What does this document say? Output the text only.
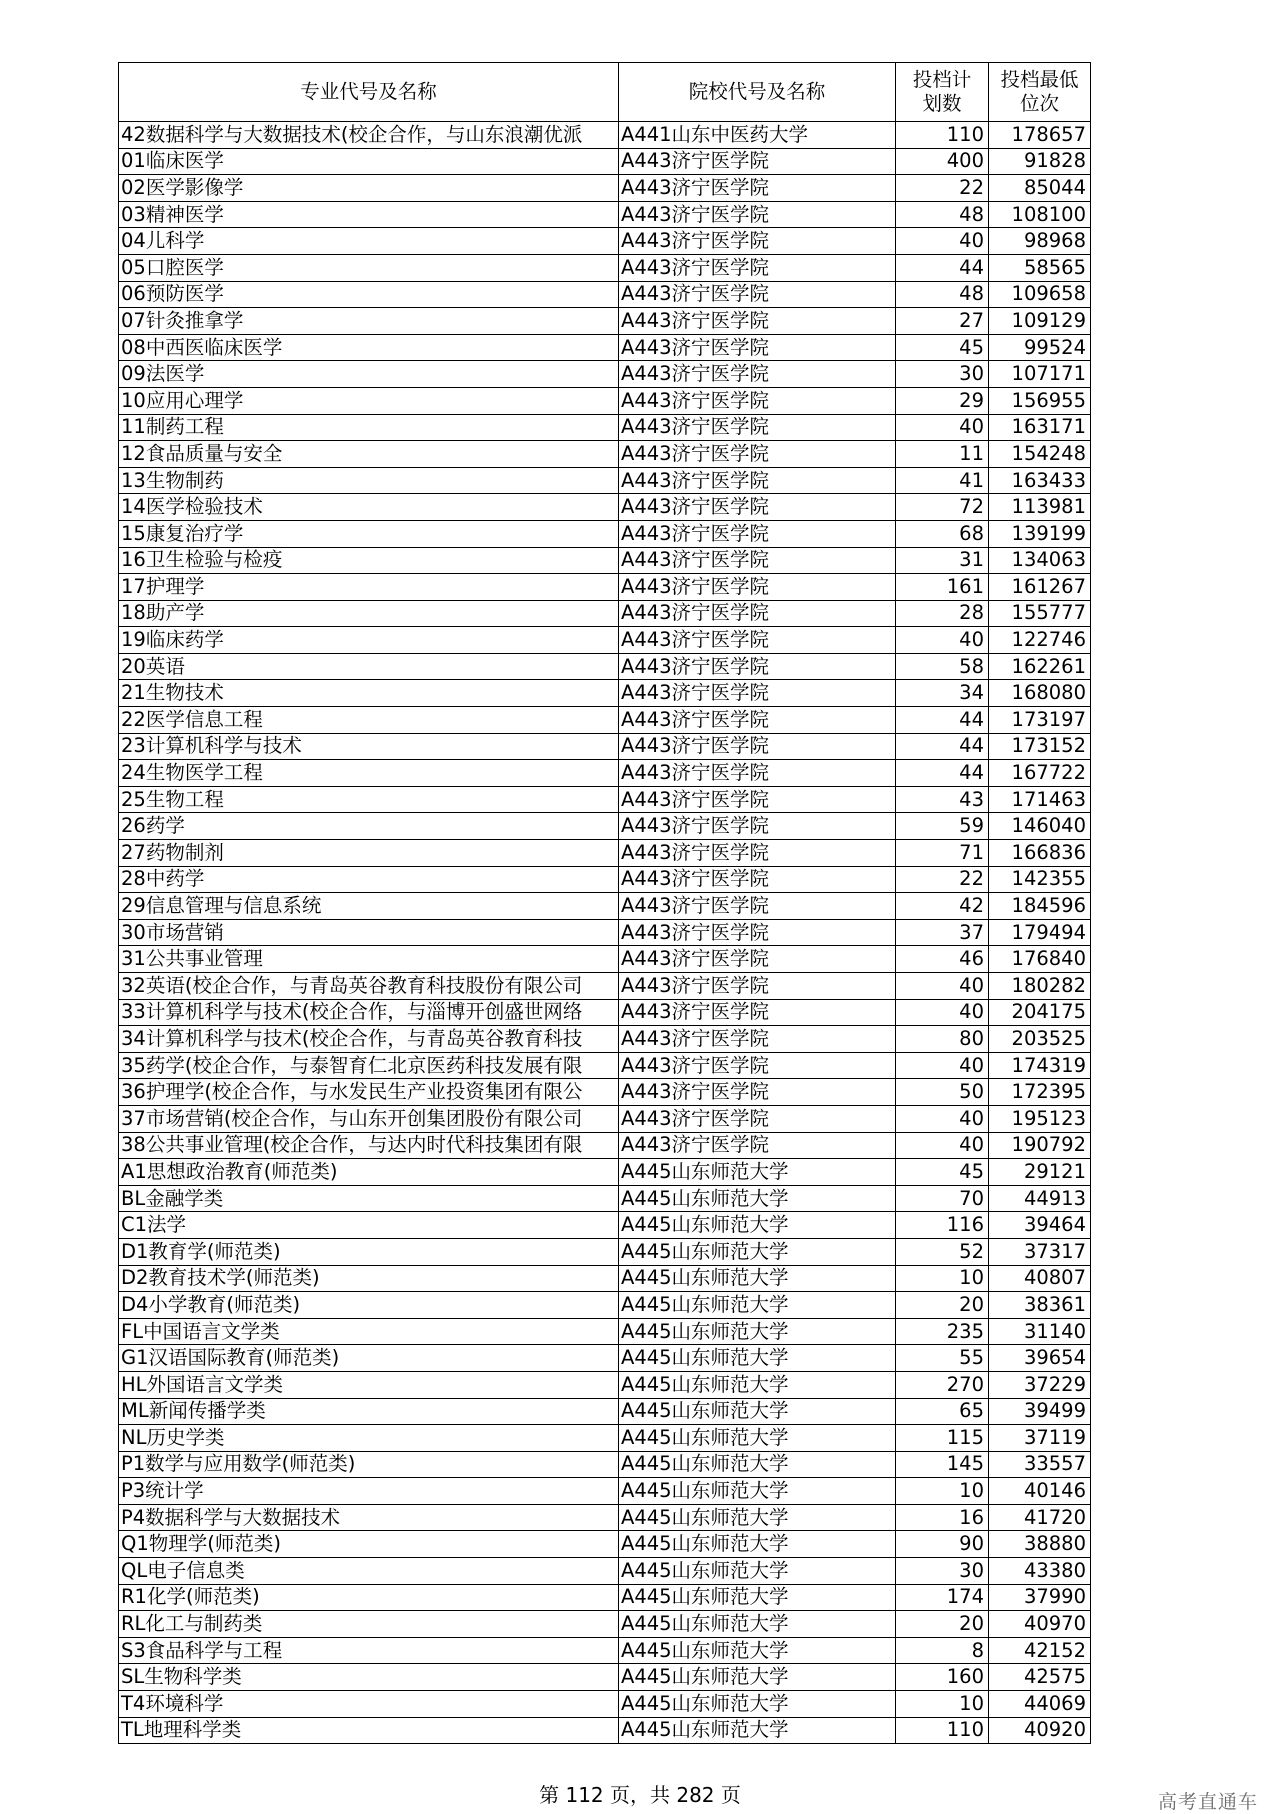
专业代号及名称	院校代号及名称	投档计
划数	投档最低
位次
42数据科学与大数据技术(校企合作，与山东浪潮优派	A441山东中医药大学	110	178657
01临床医学	A443济宁医学院	400	91828
02医学影像学	A443济宁医学院	22	85044
03精神医学	A443济宁医学院	48	108100
04儿科学	A443济宁医学院	40	98968
05口腔医学	A443济宁医学院	44	58565
06预防医学	A443济宁医学院	48	109658
07针灸推拿学	A443济宁医学院	27	109129
08中西医临床医学	A443济宁医学院	45	99524
09法医学	A443济宁医学院	30	107171
10应用心理学	A443济宁医学院	29	156955
11制药工程	A443济宁医学院	40	163171
12食品质量与安全	A443济宁医学院	11	154248
13生物制药	A443济宁医学院	41	163433
14医学检验技术	A443济宁医学院	72	113981
15康复治疗学	A443济宁医学院	68	139199
16卫生检验与检疫	A443济宁医学院	31	134063
17护理学	A443济宁医学院	161	161267
18助产学	A443济宁医学院	28	155777
19临床药学	A443济宁医学院	40	122746
20英语	A443济宁医学院	58	162261
21生物技术	A443济宁医学院	34	168080
22医学信息工程	A443济宁医学院	44	173197
23计算机科学与技术	A443济宁医学院	44	173152
24生物医学工程	A443济宁医学院	44	167722
25生物工程	A443济宁医学院	43	171463
26药学	A443济宁医学院	59	146040
27药物制剂	A443济宁医学院	71	166836
28中药学	A443济宁医学院	22	142355
29信息管理与信息系统	A443济宁医学院	42	184596
30市场营销	A443济宁医学院	37	179494
31公共事业管理	A443济宁医学院	46	176840
32英语(校企合作，与青岛英谷教育科技股份有限公司	A443济宁医学院	40	180282
33计算机科学与技术(校企合作，与淄博开创盛世网络	A443济宁医学院	40	204175
34计算机科学与技术(校企合作，与青岛英谷教育科技	A443济宁医学院	80	203525
35药学(校企合作，与泰智育仁北京医药科技发展有限	A443济宁医学院	40	174319
36护理学(校企合作，与水发民生产业投资集团有限公	A443济宁医学院	50	172395
37市场营销(校企合作，与山东开创集团股份有限公司	A443济宁医学院	40	195123
38公共事业管理(校企合作，与达内时代科技集团有限	A443济宁医学院	40	190792
A1思想政治教育(师范类)	A445山东师范大学	45	29121
BL金融学类	A445山东师范大学	70	44913
C1法学	A445山东师范大学	116	39464
D1教育学(师范类)	A445山东师范大学	52	37317
D2教育技术学(师范类)	A445山东师范大学	10	40807
D4小学教育(师范类)	A445山东师范大学	20	38361
FL中国语言文学类	A445山东师范大学	235	31140
G1汉语国际教育(师范类)	A445山东师范大学	55	39654
HL外国语言文学类	A445山东师范大学	270	37229
ML新闻传播学类	A445山东师范大学	65	39499
NL历史学类	A445山东师范大学	115	37119
P1数学与应用数学(师范类)	A445山东师范大学	145	33557
P3统计学	A445山东师范大学	10	40146
P4数据科学与大数据技术	A445山东师范大学	16	41720
Q1物理学(师范类)	A445山东师范大学	90	38880
QL电子信息类	A445山东师范大学	30	43380
R1化学(师范类)	A445山东师范大学	174	37990
RL化工与制药类	A445山东师范大学	20	40970
S3食品科学与工程	A445山东师范大学	8	42152
SL生物科学类	A445山东师范大学	160	42575
T4环境科学	A445山东师范大学	10	44069
TL地理科学类	A445山东师范大学	110	40920
第 112 页，共 282 页	高考直通车
